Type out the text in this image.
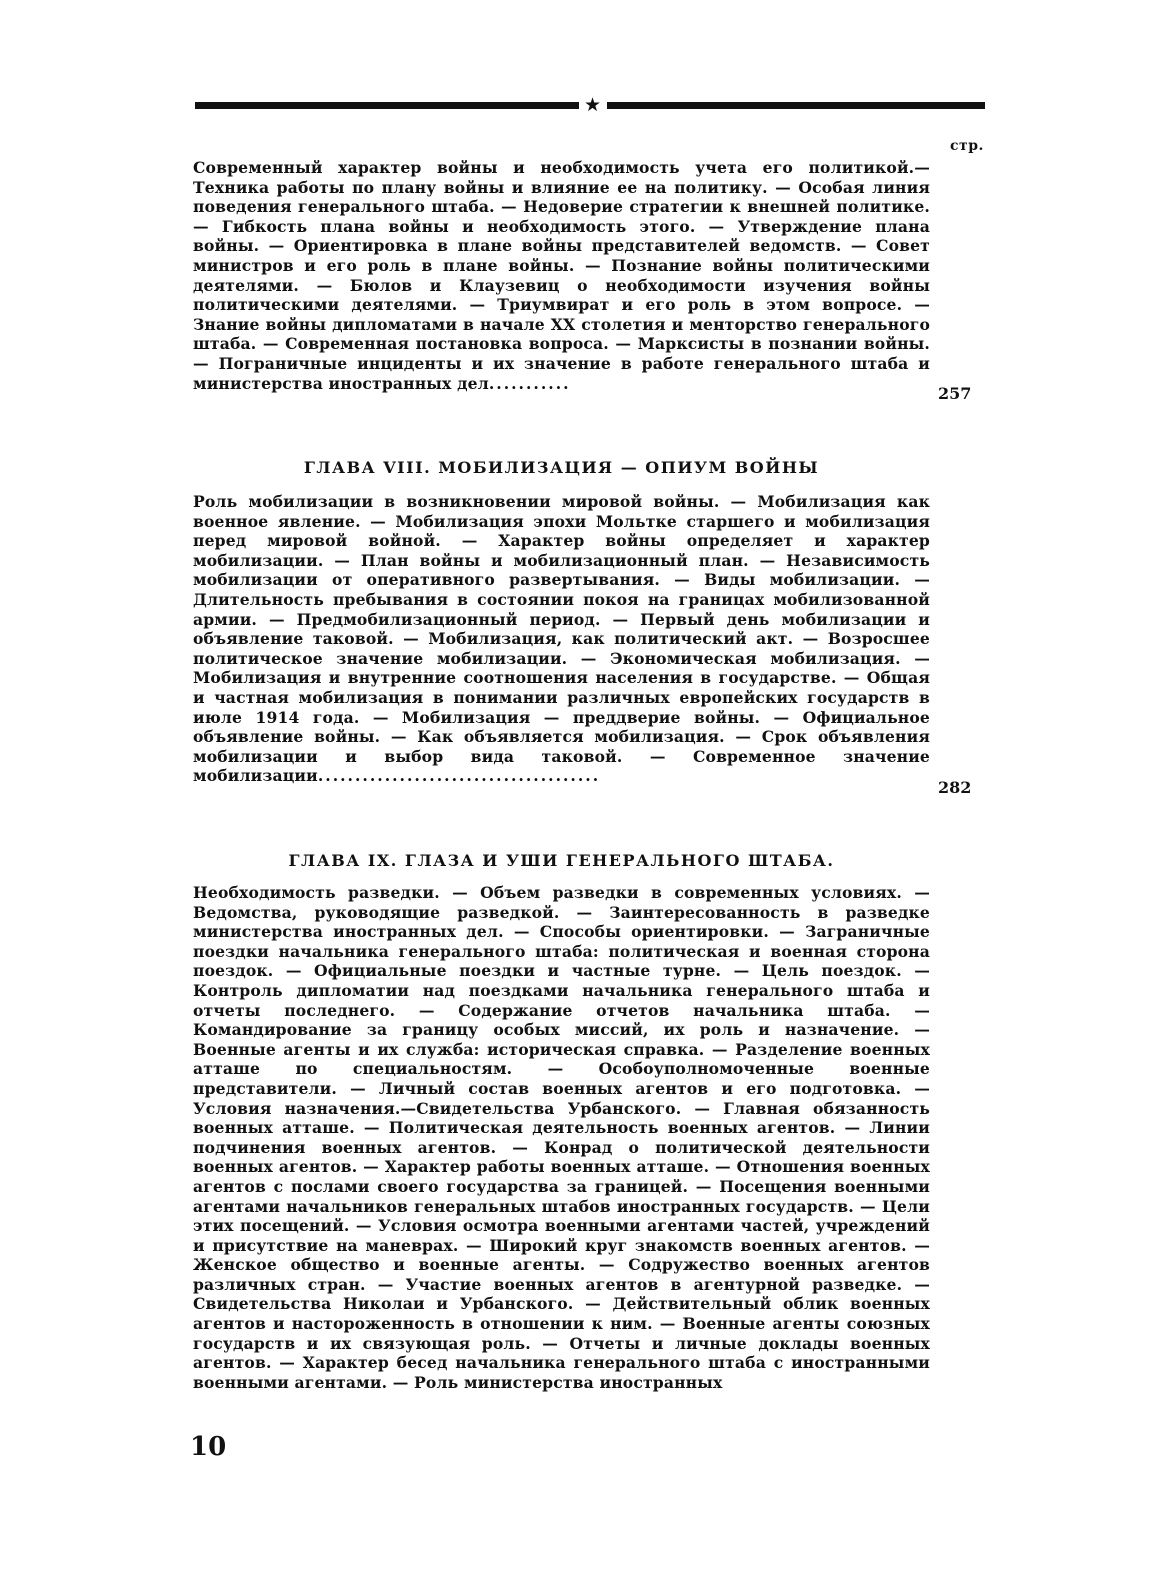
★
стр.

Современный характер войны и необходимость учета его политикой.—Техника работы по плану войны и влияние ее на политику. — Особая линия поведения генерального штаба. — Недоверие стратегии к внешней политике. — Гибкость плана войны и необходимость этого. — Утверждение плана войны. — Ориентировка в плане войны представителей ведомств. — Совет министров и его роль в плане войны. — Познание войны политическими деятелями. — Бюлов и Клаузевиц о необходимости изучения войны политическими деятелями. — Триумвират и его роль в этом вопросе. — Знание войны дипломатами в начале XX столетия и менторство генерального штаба. — Современная постановка вопроса. — Марксисты в познании войны. — Пограничные инциденты и их значение в работе генерального штаба и министерства иностранных дел...........

257
ГЛАВА VIII. МОБИЛИЗАЦИЯ — ОПИУМ ВОЙНЫ

Роль мобилизации в возникновении мировой войны. — Мобилизация как военное явление. — Мобилизация эпохи Мольтке старшего и мобилизация перед мировой войной. — Характер войны определяет и характер мобилизации. — План войны и мобилизационный план. — Независимость мобилизации от оперативного развертывания. — Виды мобилизации. — Длительность пребывания в состоянии покоя на границах мобилизованной армии. — Предмобилизационный период. — Первый день мобилизации и объявление таковой. — Мобилизация, как политический акт. — Возросшее политическое значение мобилизации. — Экономическая мобилизация. — Мобилизация и внутренние соотношения населения в государстве. — Общая и частная мобилизация в понимании различных европейских государств в июле 1914 года. — Мобилизация — преддверие войны. — Официальное объявление войны. — Как объявляется мобилизация. — Срок объявления мобилизации и выбор вида таковой. — Современное значение мобилизации......................................

282
ГЛАВА IX. ГЛАЗА И УШИ ГЕНЕРАЛЬНОГО ШТАБА.

Необходимость разведки. — Объем разведки в современных условиях. — Ведомства, руководящие разведкой. — Заинтересованность в разведке министерства иностранных дел. — Способы ориентировки. — Заграничные поездки начальника генерального штаба: политическая и военная сторона поездок. — Официальные поездки и частные турне. — Цель поездок. — Контроль дипломатии над поездками начальника генерального штаба и отчеты последнего. — Содержание отчетов начальника штаба. — Командирование за границу особых миссий, их роль и назначение. — Военные агенты и их служба: историческая справка. — Разделение военных атташе по специальностям. — Особоуполномоченные военные представители. — Личный состав военных агентов и его подготовка. — Условия назначения.—Свидетельства Урбанского. — Главная обязанность военных атташе. — Политическая деятельность военных агентов. — Линии подчинения военных агентов. — Конрад о политической деятельности военных агентов. — Характер работы военных атташе. — Отношения военных агентов с послами своего государства за границей. — Посещения военными агентами начальников генеральных штабов иностранных государств. — Цели этих посещений. — Условия осмотра военными агентами частей, учреждений и присутствие на маневрах. — Широкий круг знакомств военных агентов. — Женское общество и военные агенты. — Содружество военных агентов различных стран. — Участие военных агентов в агентурной разведке. — Свидетельства Николаи и Урбанского. — Действительный облик военных агентов и настороженность в отношении к ним. — Военные агенты союзных государств и их связующая роль. — Отчеты и личные доклады военных агентов. — Характер бесед начальника генерального штаба с иностранными военными агентами. — Роль министерства иностранных

10
